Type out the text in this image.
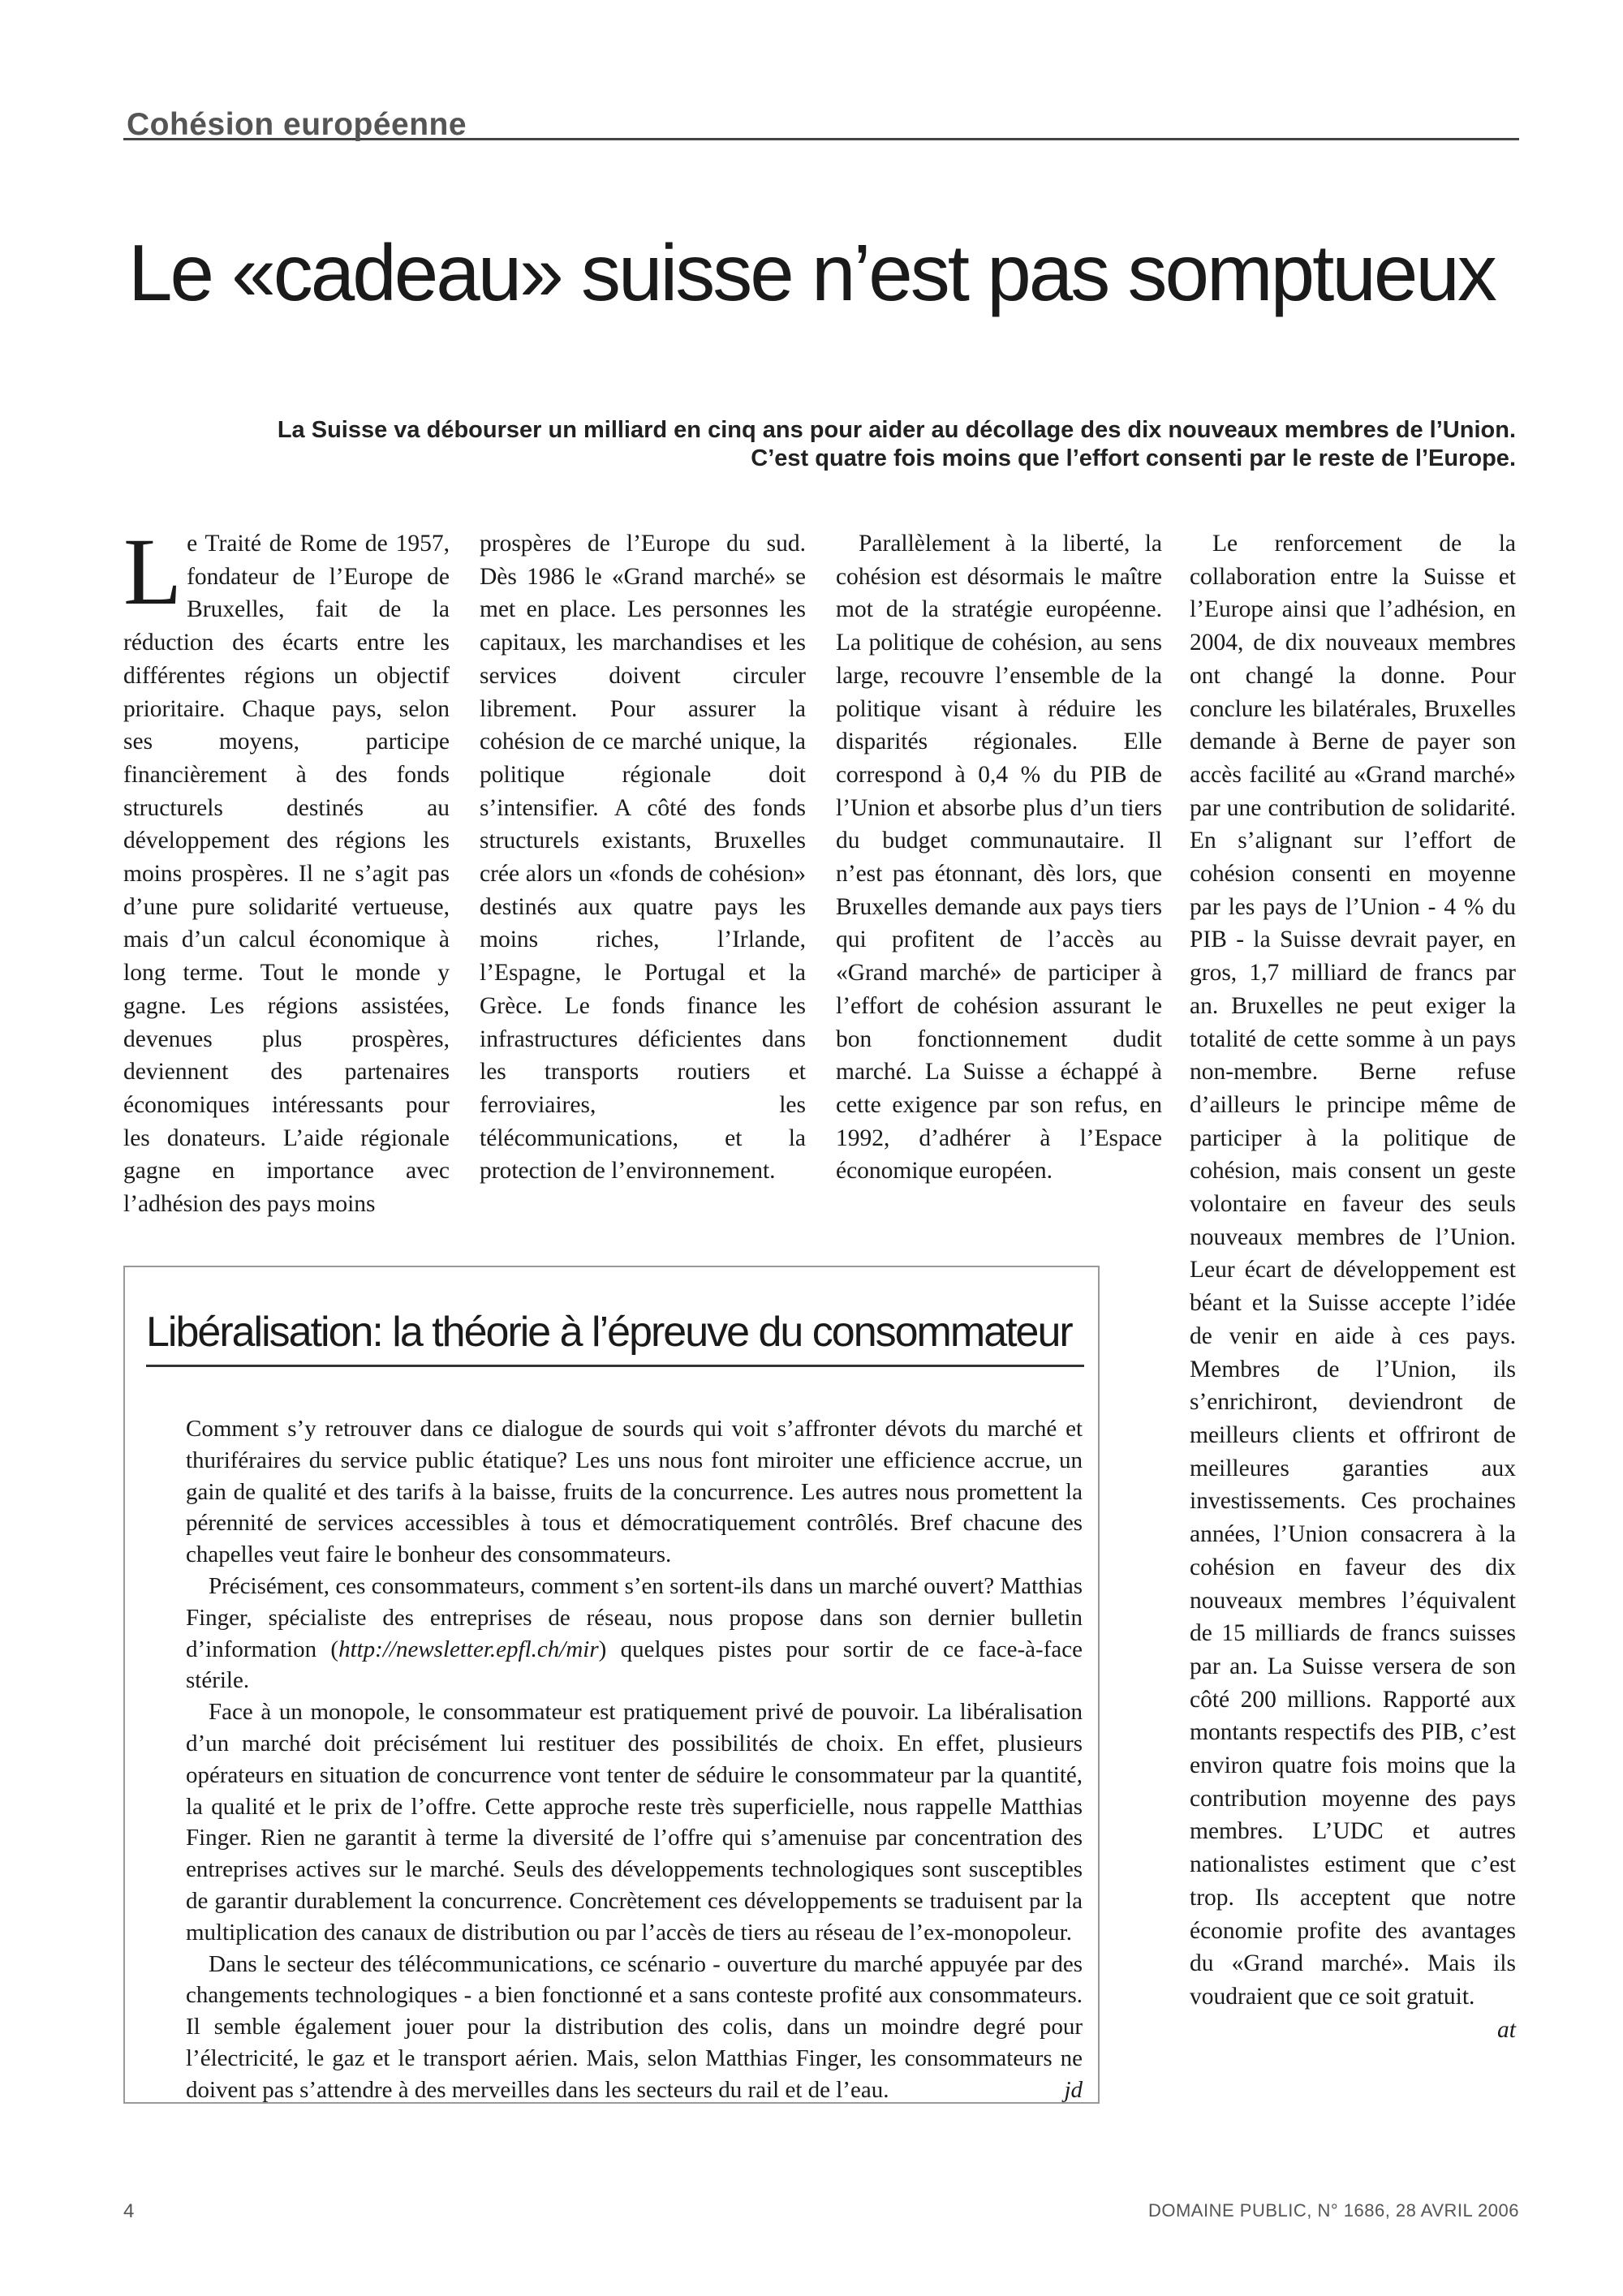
Cohésion européenne
Le «cadeau» suisse n’est pas somptueux

La Suisse va débourser un milliard en cinq ans pour aider au décollage des dix nouveaux membres de l’Union. C’est quatre fois moins que l’effort consenti par le reste de l’Europe.

Le Traité de Rome de 1957, fondateur de l’Europe de Bruxelles, fait de la réduction des écarts entre les différentes régions un objectif prioritaire. Chaque pays, selon ses moyens, participe financièrement à des fonds structurels destinés au développement des régions les moins prospères. Il ne s’agit pas d’une pure solidarité vertueuse, mais d’un calcul économique à long terme. Tout le monde y gagne. Les régions assistées, devenues plus prospères, deviennent des partenaires économiques intéressants pour les donateurs. L’aide régionale gagne en importance avec l’adhésion des pays moins

prospères de l’Europe du sud. Dès 1986 le «Grand marché» se met en place. Les personnes les capitaux, les marchandises et les services doivent circuler librement. Pour assurer la cohésion de ce marché unique, la politique régionale doit s’intensifier. A côté des fonds structurels existants, Bruxelles crée alors un «fonds de cohésion» destinés aux quatre pays les moins riches, l’Irlande, l’Espagne, le Portugal et la Grèce. Le fonds finance les infrastructures déficientes dans les transports routiers et ferroviaires, les télécommunications, et la protection de l’environnement.

Parallèlement à la liberté, la cohésion est désormais le maître mot de la stratégie européenne. La politique de cohésion, au sens large, recouvre l’ensemble de la politique visant à réduire les disparités régionales. Elle correspond à 0,4 % du PIB de l’Union et absorbe plus d’un tiers du budget communautaire. Il n’est pas étonnant, dès lors, que Bruxelles demande aux pays tiers qui profitent de l’accès au «Grand marché» de participer à l’effort de cohésion assurant le bon fonctionnement dudit marché. La Suisse a échappé à cette exigence par son refus, en 1992, d’adhérer à l’Espace économique européen.

Le renforcement de la collaboration entre la Suisse et l’Europe ainsi que l’adhésion, en 2004, de dix nouveaux membres ont changé la donne. Pour conclure les bilatérales, Bruxelles demande à Berne de payer son accès facilité au «Grand marché» par une contribution de solidarité. En s’alignant sur l’effort de cohésion consenti en moyenne par les pays de l’Union - 4 % du PIB - la Suisse devrait payer, en gros, 1,7 milliard de francs par an. Bruxelles ne peut exiger la totalité de cette somme à un pays non-membre. Berne refuse d’ailleurs le principe même de participer à la politique de cohésion, mais consent un geste volontaire en faveur des seuls nouveaux membres de l’Union. Leur écart de développement est béant et la Suisse accepte l’idée de venir en aide à ces pays. Membres de l’Union, ils s’enrichiront, deviendront de meilleurs clients et offriront de meilleures garanties aux investissements. Ces prochaines années, l’Union consacrera à la cohésion en faveur des dix nouveaux membres l’équivalent de 15 milliards de francs suisses par an. La Suisse versera de son côté 200 millions. Rapporté aux montants respectifs des PIB, c’est environ quatre fois moins que la contribution moyenne des pays membres. L’UDC et autres nationalistes estiment que c’est trop. Ils acceptent que notre économie profite des avantages du «Grand marché». Mais ils voudraient que ce soit gratuit.
at

Libéralisation: la théorie à l’épreuve du consommateur

Comment s’y retrouver dans ce dialogue de sourds qui voit s’affronter dévots du marché et thuriféraires du service public étatique? Les uns nous font miroiter une efficience accrue, un gain de qualité et des tarifs à la baisse, fruits de la concurrence. Les autres nous promettent la pérennité de services accessibles à tous et démocratiquement contrôlés. Bref chacune des chapelles veut faire le bonheur des consommateurs.

Précisément, ces consommateurs, comment s’en sortent-ils dans un marché ouvert? Matthias Finger, spécialiste des entreprises de réseau, nous propose dans son dernier bulletin d’information (http://newsletter.epfl.ch/mir) quelques pistes pour sortir de ce face-à-face stérile.

Face à un monopole, le consommateur est pratiquement privé de pouvoir. La libéralisation d’un marché doit précisément lui restituer des possibilités de choix. En effet, plusieurs opérateurs en situation de concurrence vont tenter de séduire le consommateur par la quantité, la qualité et le prix de l’offre. Cette approche reste très superficielle, nous rappelle Matthias Finger. Rien ne garantit à terme la diversité de l’offre qui s’amenuise par concentration des entreprises actives sur le marché. Seuls des développements technologiques sont susceptibles de garantir durablement la concurrence. Concrètement ces développements se traduisent par la multiplication des canaux de distribution ou par l’accès de tiers au réseau de l’ex-monopoleur.

Dans le secteur des télécommunications, ce scénario - ouverture du marché appuyée par des changements technologiques - a bien fonctionné et a sans conteste profité aux consommateurs. Il semble également jouer pour la distribution des colis, dans un moindre degré pour l’électricité, le gaz et le transport aérien. Mais, selon Matthias Finger, les consommateurs ne doivent pas s’attendre à des merveilles dans les secteurs du rail et de l’eau.	jd

4	DOMAINE PUBLIC, N° 1686, 28 AVRIL 2006
